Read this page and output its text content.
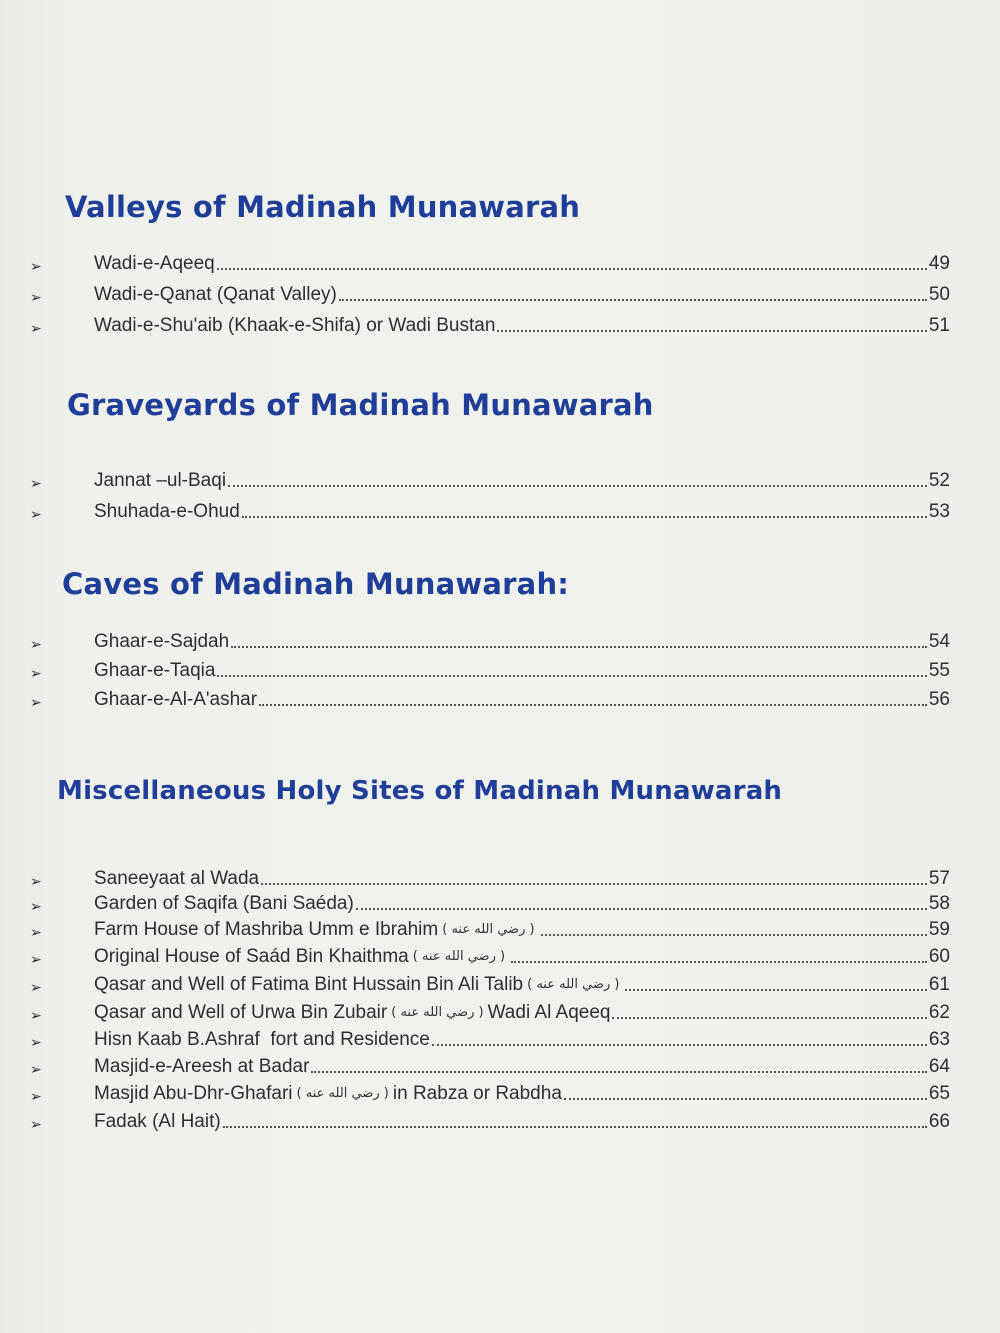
Valleys of Madinah Munawarah
➢	Wadi-e-Aqeeq	49
➢	Wadi-e-Qanat (Qanat Valley)	50
➢	Wadi-e-Shu'aib (Khaak-e-Shifa) or Wadi Bustan	51
Graveyards of Madinah Munawarah
➢	Jannat –ul-Baqi	52
➢	Shuhada-e-Ohud	53
Caves of Madinah Munawarah:
➢	Ghaar-e-Sajdah	54
➢	Ghaar-e-Taqia	55
➢	Ghaar-e-Al-A'ashar	56
Miscellaneous Holy Sites of Madinah Munawarah
➢	Saneeyaat al Wada	57
➢	Garden of Saqifa (Bani Saéda)	58
➢	Farm House of Mashriba Umm e Ibrahim ( رضي الله عنه )	59
➢	Original House of Saád Bin Khaithma ( رضي الله عنه )	60
➢	Qasar and Well of Fatima Bint Hussain Bin Ali Talib ( رضي الله عنه )	61
➢	Qasar and Well of Urwa Bin Zubair ( رضي الله عنه ) Wadi Al Aqeeq	62
➢	Hisn Kaab B.Ashraf  fort and Residence	63
➢	Masjid-e-Areesh at Badar	64
➢	Masjid Abu-Dhr-Ghafari ( رضي الله عنه ) in Rabza or Rabdha	65
➢	Fadak (Al Hait)	66
